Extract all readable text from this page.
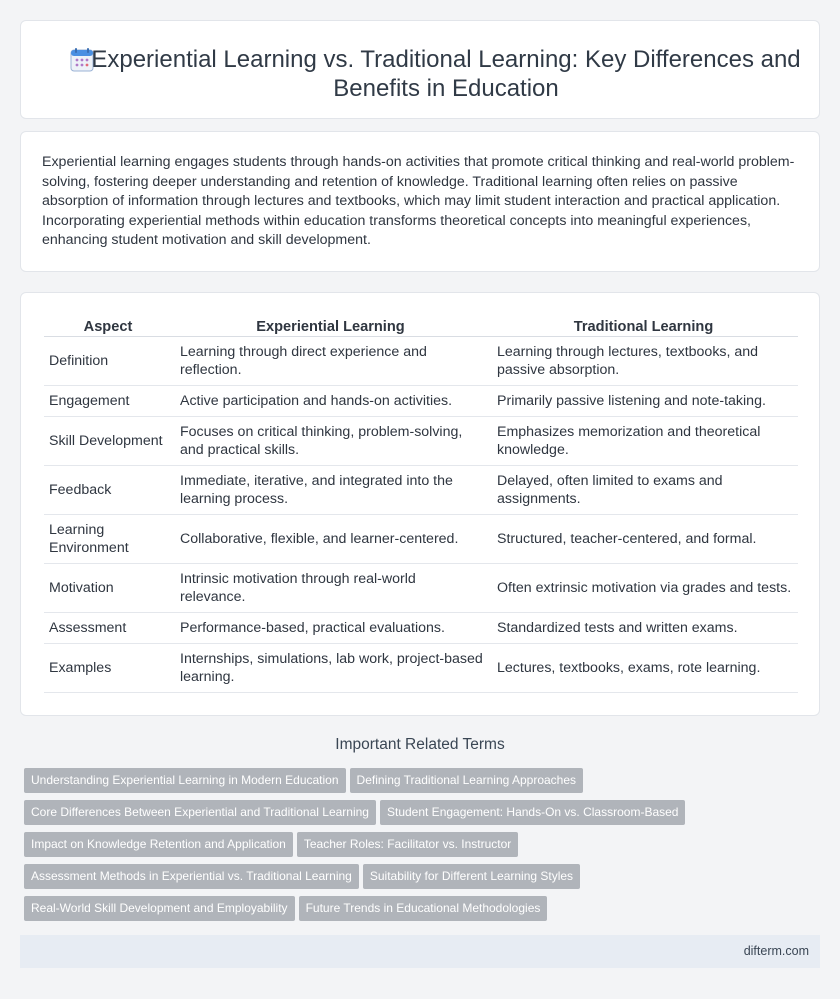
Experiential Learning vs. Traditional Learning: Key Differences and Benefits in Education

Experiential learning engages students through hands-on activities that promote critical thinking and real-world problem-solving, fostering deeper understanding and retention of knowledge. Traditional learning often relies on passive absorption of information through lectures and textbooks, which may limit student interaction and practical application. Incorporating experiential methods within education transforms theoretical concepts into meaningful experiences, enhancing student motivation and skill development.

Aspect	Experiential Learning	Traditional Learning
Definition	Learning through direct experience and reflection.	Learning through lectures, textbooks, and passive absorption.
Engagement	Active participation and hands-on activities.	Primarily passive listening and note-taking.
Skill Development	Focuses on critical thinking, problem-solving, and practical skills.	Emphasizes memorization and theoretical knowledge.
Feedback	Immediate, iterative, and integrated into the learning process.	Delayed, often limited to exams and assignments.
Learning Environment	Collaborative, flexible, and learner-centered.	Structured, teacher-centered, and formal.
Motivation	Intrinsic motivation through real-world relevance.	Often extrinsic motivation via grades and tests.
Assessment	Performance-based, practical evaluations.	Standardized tests and written exams.
Examples	Internships, simulations, lab work, project-based learning.	Lectures, textbooks, exams, rote learning.
Important Related Terms
Understanding Experiential Learning in Modern Education Defining Traditional Learning Approaches
Core Differences Between Experiential and Traditional Learning Student Engagement: Hands-On vs. Classroom-Based
Impact on Knowledge Retention and Application Teacher Roles: Facilitator vs. Instructor
Assessment Methods in Experiential vs. Traditional Learning Suitability for Different Learning Styles
Real-World Skill Development and Employability Future Trends in Educational Methodologies
difterm.com
